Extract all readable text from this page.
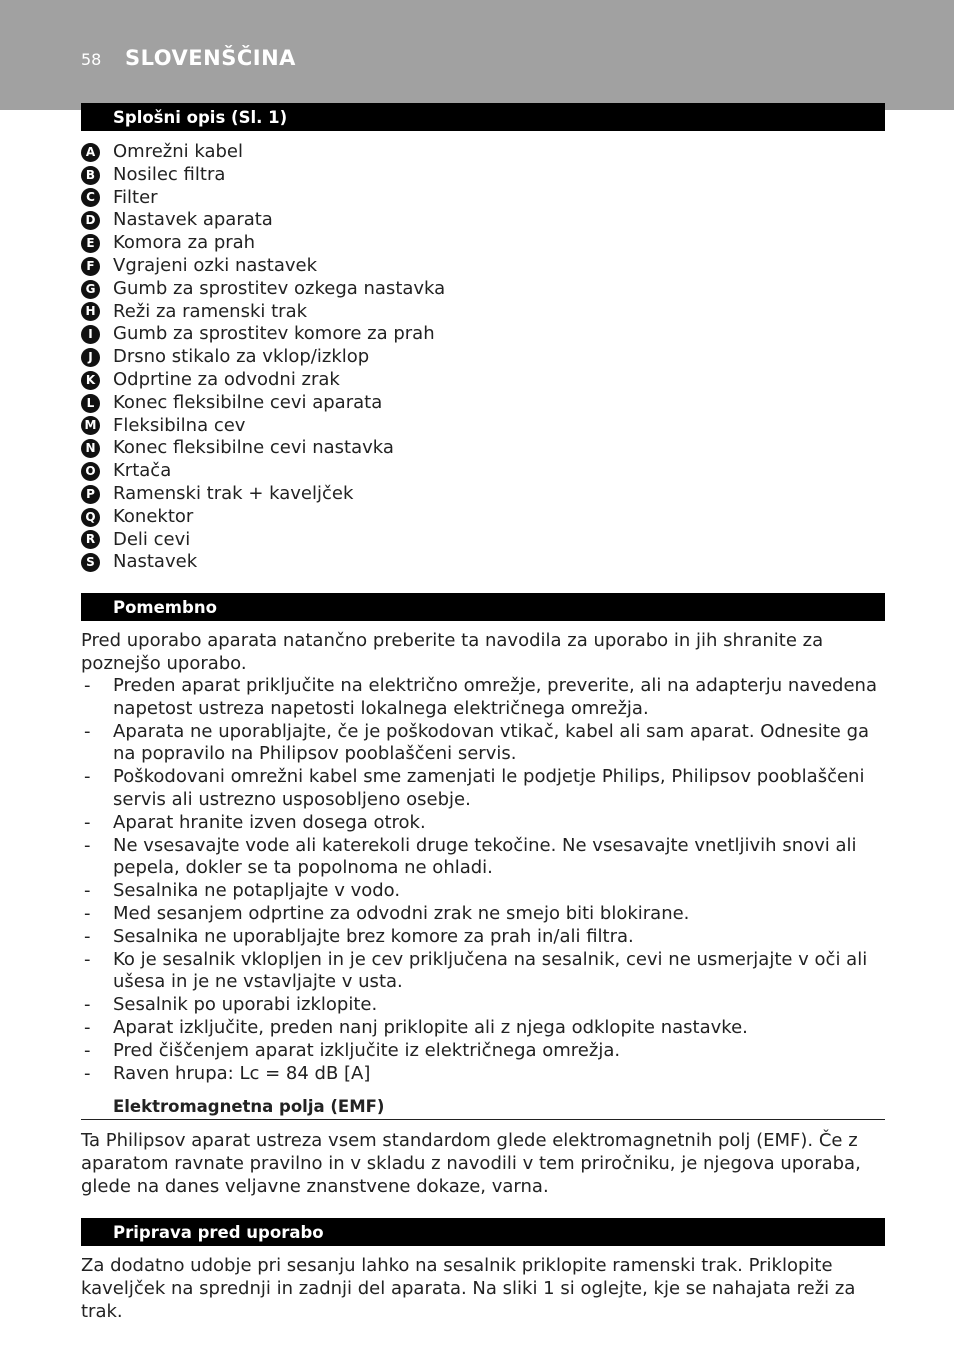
58 SLOVENŠČINA
Splošni opis (Sl. 1)
A Omrežni kabel
B Nosilec filtra
C Filter
D Nastavek aparata
E	Komora za prah
F	Vgrajeni ozki nastavek
G Gumb za sprostitev ozkega nastavka
H Reži za ramenski trak
I	Gumb za sprostitev komore za prah
J	Drsno stikalo za vklop/izklop
K Odprtine za odvodni zrak
L	Konec fleksibilne cevi aparata
M Fleksibilna cev
N Konec fleksibilne cevi nastavka
O Krtača
P Ramenski trak + kaveljček
Q Konektor
R Deli cevi
S Nastavek
Pomembno

Pred uporabo aparata natančno preberite ta navodila za uporabo in jih shranite za poznejšo uporabo.

- Preden aparat priključite na električno omrežje, preverite, ali na adapterju navedena napetost ustreza napetosti lokalnega električnega omrežja.
- Aparata ne uporabljajte, če je poškodovan vtikač, kabel ali sam aparat. Odnesite ga na popravilo na Philipsov pooblaščeni servis.
- Poškodovani omrežni kabel sme zamenjati le podjetje Philips, Philipsov pooblaščeni servis ali ustrezno usposobljeno osebje.
- Aparat hranite izven dosega otrok.
- Ne vsesavajte vode ali katerekoli druge tekočine. Ne vsesavajte vnetljivih snovi ali pepela, dokler se ta popolnoma ne ohladi.
- Sesalnika ne potapljajte v vodo.
- Med sesanjem odprtine za odvodni zrak ne smejo biti blokirane.
- Sesalnika ne uporabljajte brez komore za prah in/ali filtra.
- Ko je sesalnik vklopljen in je cev priključena na sesalnik, cevi ne usmerjajte v oči ali ušesa in je ne vstavljajte v usta.
- Sesalnik po uporabi izklopite.
- Aparat izključite, preden nanj priklopite ali z njega odklopite nastavke.
- Pred čiščenjem aparat izključite iz električnega omrežja.
- Raven hrupa: Lc = 84 dB [A]
Elektromagnetna polja (EMF)

Ta Philipsov aparat ustreza vsem standardom glede elektromagnetnih polj (EMF). Če z aparatom ravnate pravilno in v skladu z navodili v tem priročniku, je njegova uporaba, glede na danes veljavne znanstvene dokaze, varna.

Priprava pred uporabo

Za dodatno udobje pri sesanju lahko na sesalnik priklopite ramenski trak. Priklopite kaveljček na sprednji in zadnji del aparata. Na sliki 1 si oglejte, kje se nahajata reži za trak.
